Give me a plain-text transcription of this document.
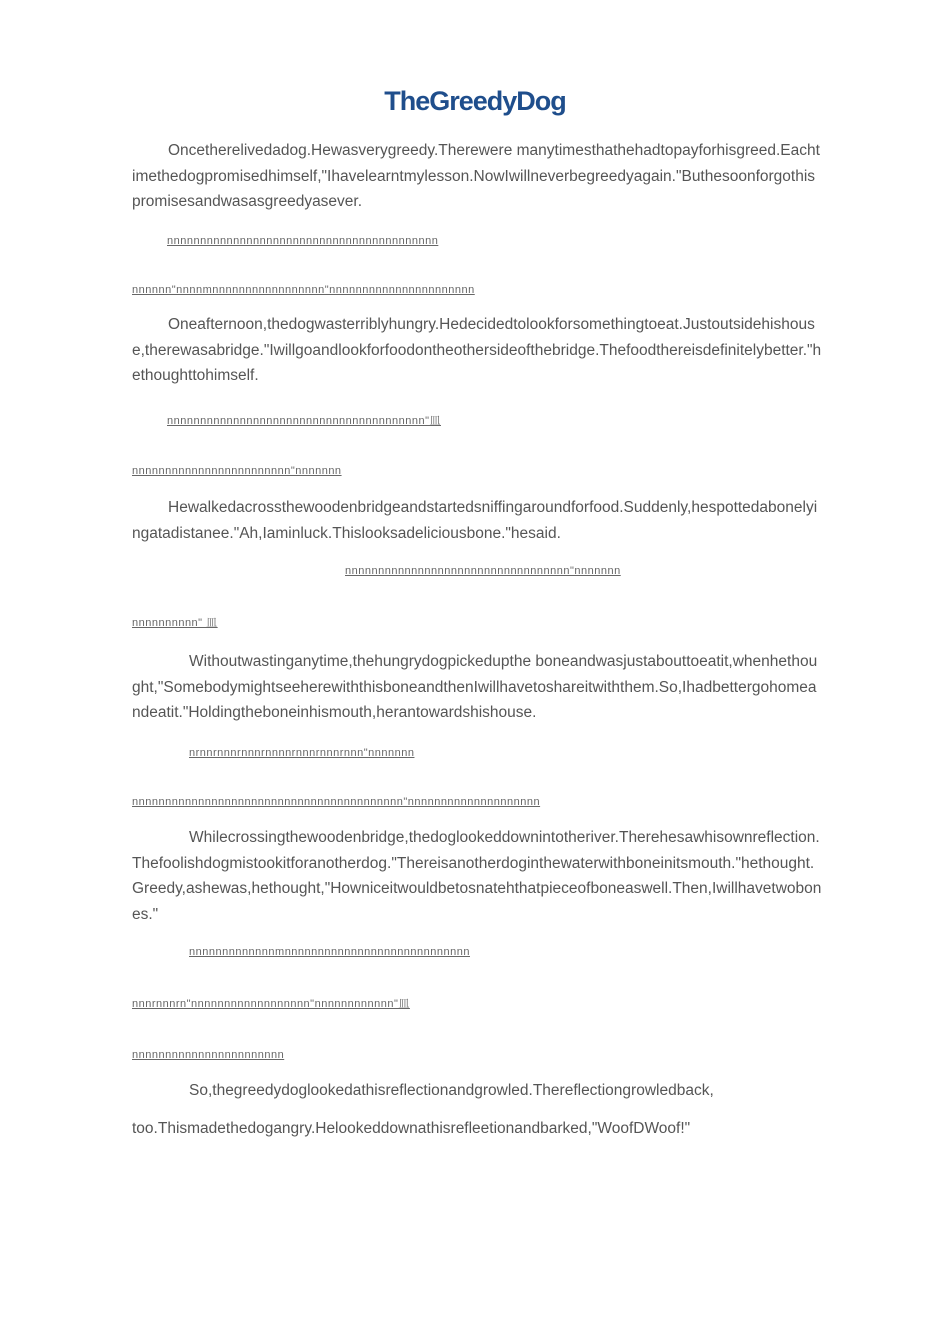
TheGreedyDog

Oncetherelivedadog.Hewasverygreedy.Therewere manytimesthathehadtopayforhisgreed.Eachtimethedogpromisedhimself,"Ihavelearntmylesson.NowIwillneverbegreedyagain."Buthesoonforgothispromisesandwasasgreedyasever.

nnnnnnnnnnnnnnnnnnnnnnnnnnnnnnnnnnnnnnnnn

nnnnnn"nnnnmnnnnnnnnnnnnnnnnn"nnnnnnnnnnnnnnnnnnnnnn

Oneafternoon,thedogwasterriblyhungry.Hedecidedtolookforsomethingtoeat.Justoutsidehishouse,therewasabridge."Iwillgoandlookforfoodontheothersideofthebridge.Thefoodthereisdefinitelybetter."hethoughttohimself.

nnnnnnnnnnnnnnnnnnnnnnnnnnnnnnnnnnnnnnn"皿

nnnnnnnnnnnnnnnnnnnnnnnn"nnnnnnn

Hewalkedacrossthewoodenbridgeandstartedsniffingaroundforfood.Suddenly,hespottedabonelyingatadistanee."Ah,Iaminluck.Thislooksadeliciousbone."hesaid.

nnnnnnnnnnnnnnnnnnnnnnnnnnnnnnnnnn"nnnnnnn

nnnnnnnnnn" 皿

Withoutwastinganytime,thehungrydogpickedupthe boneandwasjustabouttoeatit,whenhethought,"SomebodymightseeherewiththisboneandthenIwillhavetoshareitwiththem.So,Ihadbettergohomeandeatit."Holdingtheboneinhismouth,herantowardshishouse.

nrnnrnnnrnnnrnnnnrnnnrnnnrnnn"nnnnnnn

nnnnnnnnnnnnnnnnnnnnnnnnnnnnnnnnnnnnnnnnn"nnnnnnnnnnnnnnnnnnnn

Whilecrossingthewoodenbridge,thedoglookeddownintotheriver.Therehesawhisownreflection.Thefoolishdogmistookitforanotherdog."Thereisanotherdoginthewaterwithboneinitsmouth."hethought.Greedy,ashewas,hethought,"Howniceitwouldbetosnatehthatpieceofboneaswell.Then,Iwillhavetwobones."

nnnnnnnnnnnnnmnnnnnnnnnnnnnnnnnnnnnnnnnnnn

nnnrnnnrn"nnnnnnnnnnnnnnnnnn"nnnnnnnnnnnn"皿

nnnnnnnnnnnnnnnnnnnnnnn

So,thegreedydoglookedathisreflectionandgrowled.Thereflectiongrowledback,

too.Thismadethedogangry.Helookeddownathisrefleetionandbarked,"WoofDWoof!"
